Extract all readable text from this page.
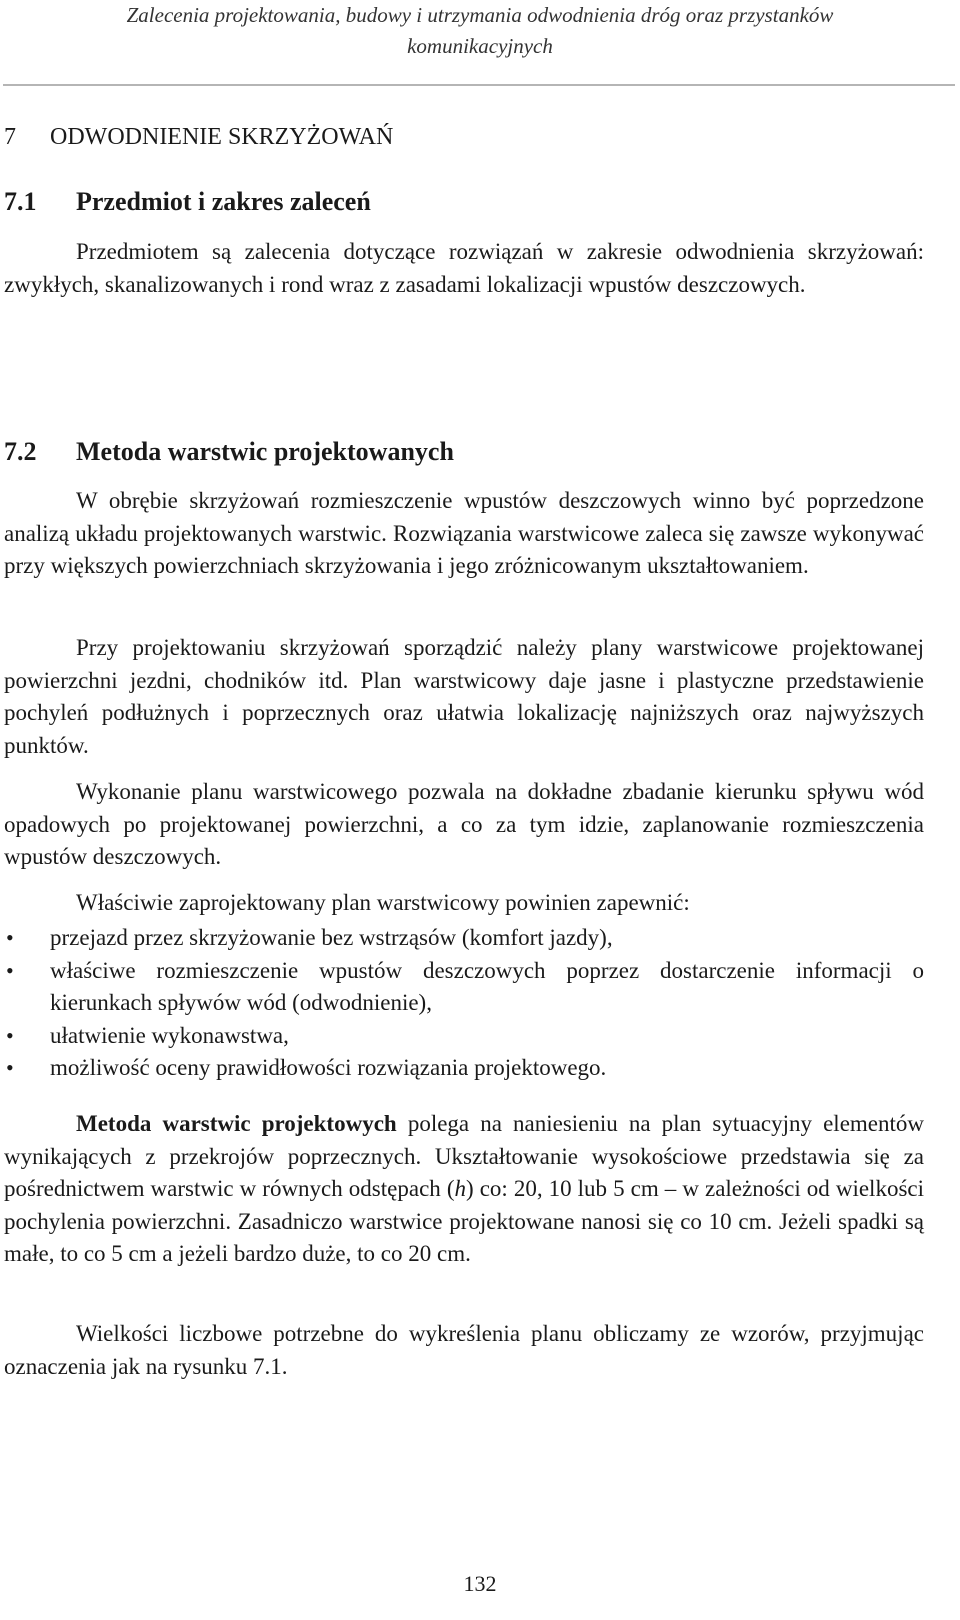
Zalecenia projektowania, budowy i utrzymania odwodnienia dróg oraz przystanków
komunikacyjnych
7 ODWODNIENIE SKRZYŻOWAŃ
7.1 Przedmiot i zakres zaleceń

Przedmiotem są zalecenia dotyczące rozwiązań w zakresie odwodnienia skrzyżowań: zwykłych, skanalizowanych i rond wraz z zasadami lokalizacji wpustów deszczowych.

7.2 Metoda warstwic projektowanych

W obrębie skrzyżowań rozmieszczenie wpustów deszczowych winno być poprzedzone analizą układu projektowanych warstwic. Rozwiązania warstwicowe zaleca się zawsze wykonywać przy większych powierzchniach skrzyżowania i jego zróżnicowanym ukształtowaniem.

Przy projektowaniu skrzyżowań sporządzić należy plany warstwicowe projektowanej powierzchni jezdni, chodników itd. Plan warstwicowy daje jasne i plastyczne przedstawienie pochyleń podłużnych i poprzecznych oraz ułatwia lokalizację najniższych oraz najwyższych punktów.

Wykonanie planu warstwicowego pozwala na dokładne zbadanie kierunku spływu wód opadowych po projektowanej powierzchni, a co za tym idzie, zaplanowanie rozmieszczenia wpustów deszczowych.

Właściwie zaprojektowany plan warstwicowy powinien zapewnić:

• przejazd przez skrzyżowanie bez wstrząsów (komfort jazdy),
• właściwe rozmieszczenie wpustów deszczowych poprzez dostarczenie informacji o kierunkach spływów wód (odwodnienie),
• ułatwienie wykonawstwa,
• możliwość oceny prawidłowości rozwiązania projektowego.

Metoda warstwic projektowych polega na naniesieniu na plan sytuacyjny elementów wynikających z przekrojów poprzecznych. Ukształtowanie wysokościowe przedstawia się za pośrednictwem warstwic w równych odstępach (h) co: 20, 10 lub 5 cm – w zależności od wielkości pochylenia powierzchni. Zasadniczo warstwice projektowane nanosi się co 10 cm. Jeżeli spadki są małe, to co 5 cm a jeżeli bardzo duże, to co 20 cm.

Wielkości liczbowe potrzebne do wykreślenia planu obliczamy ze wzorów, przyjmując oznaczenia jak na rysunku 7.1.

132
